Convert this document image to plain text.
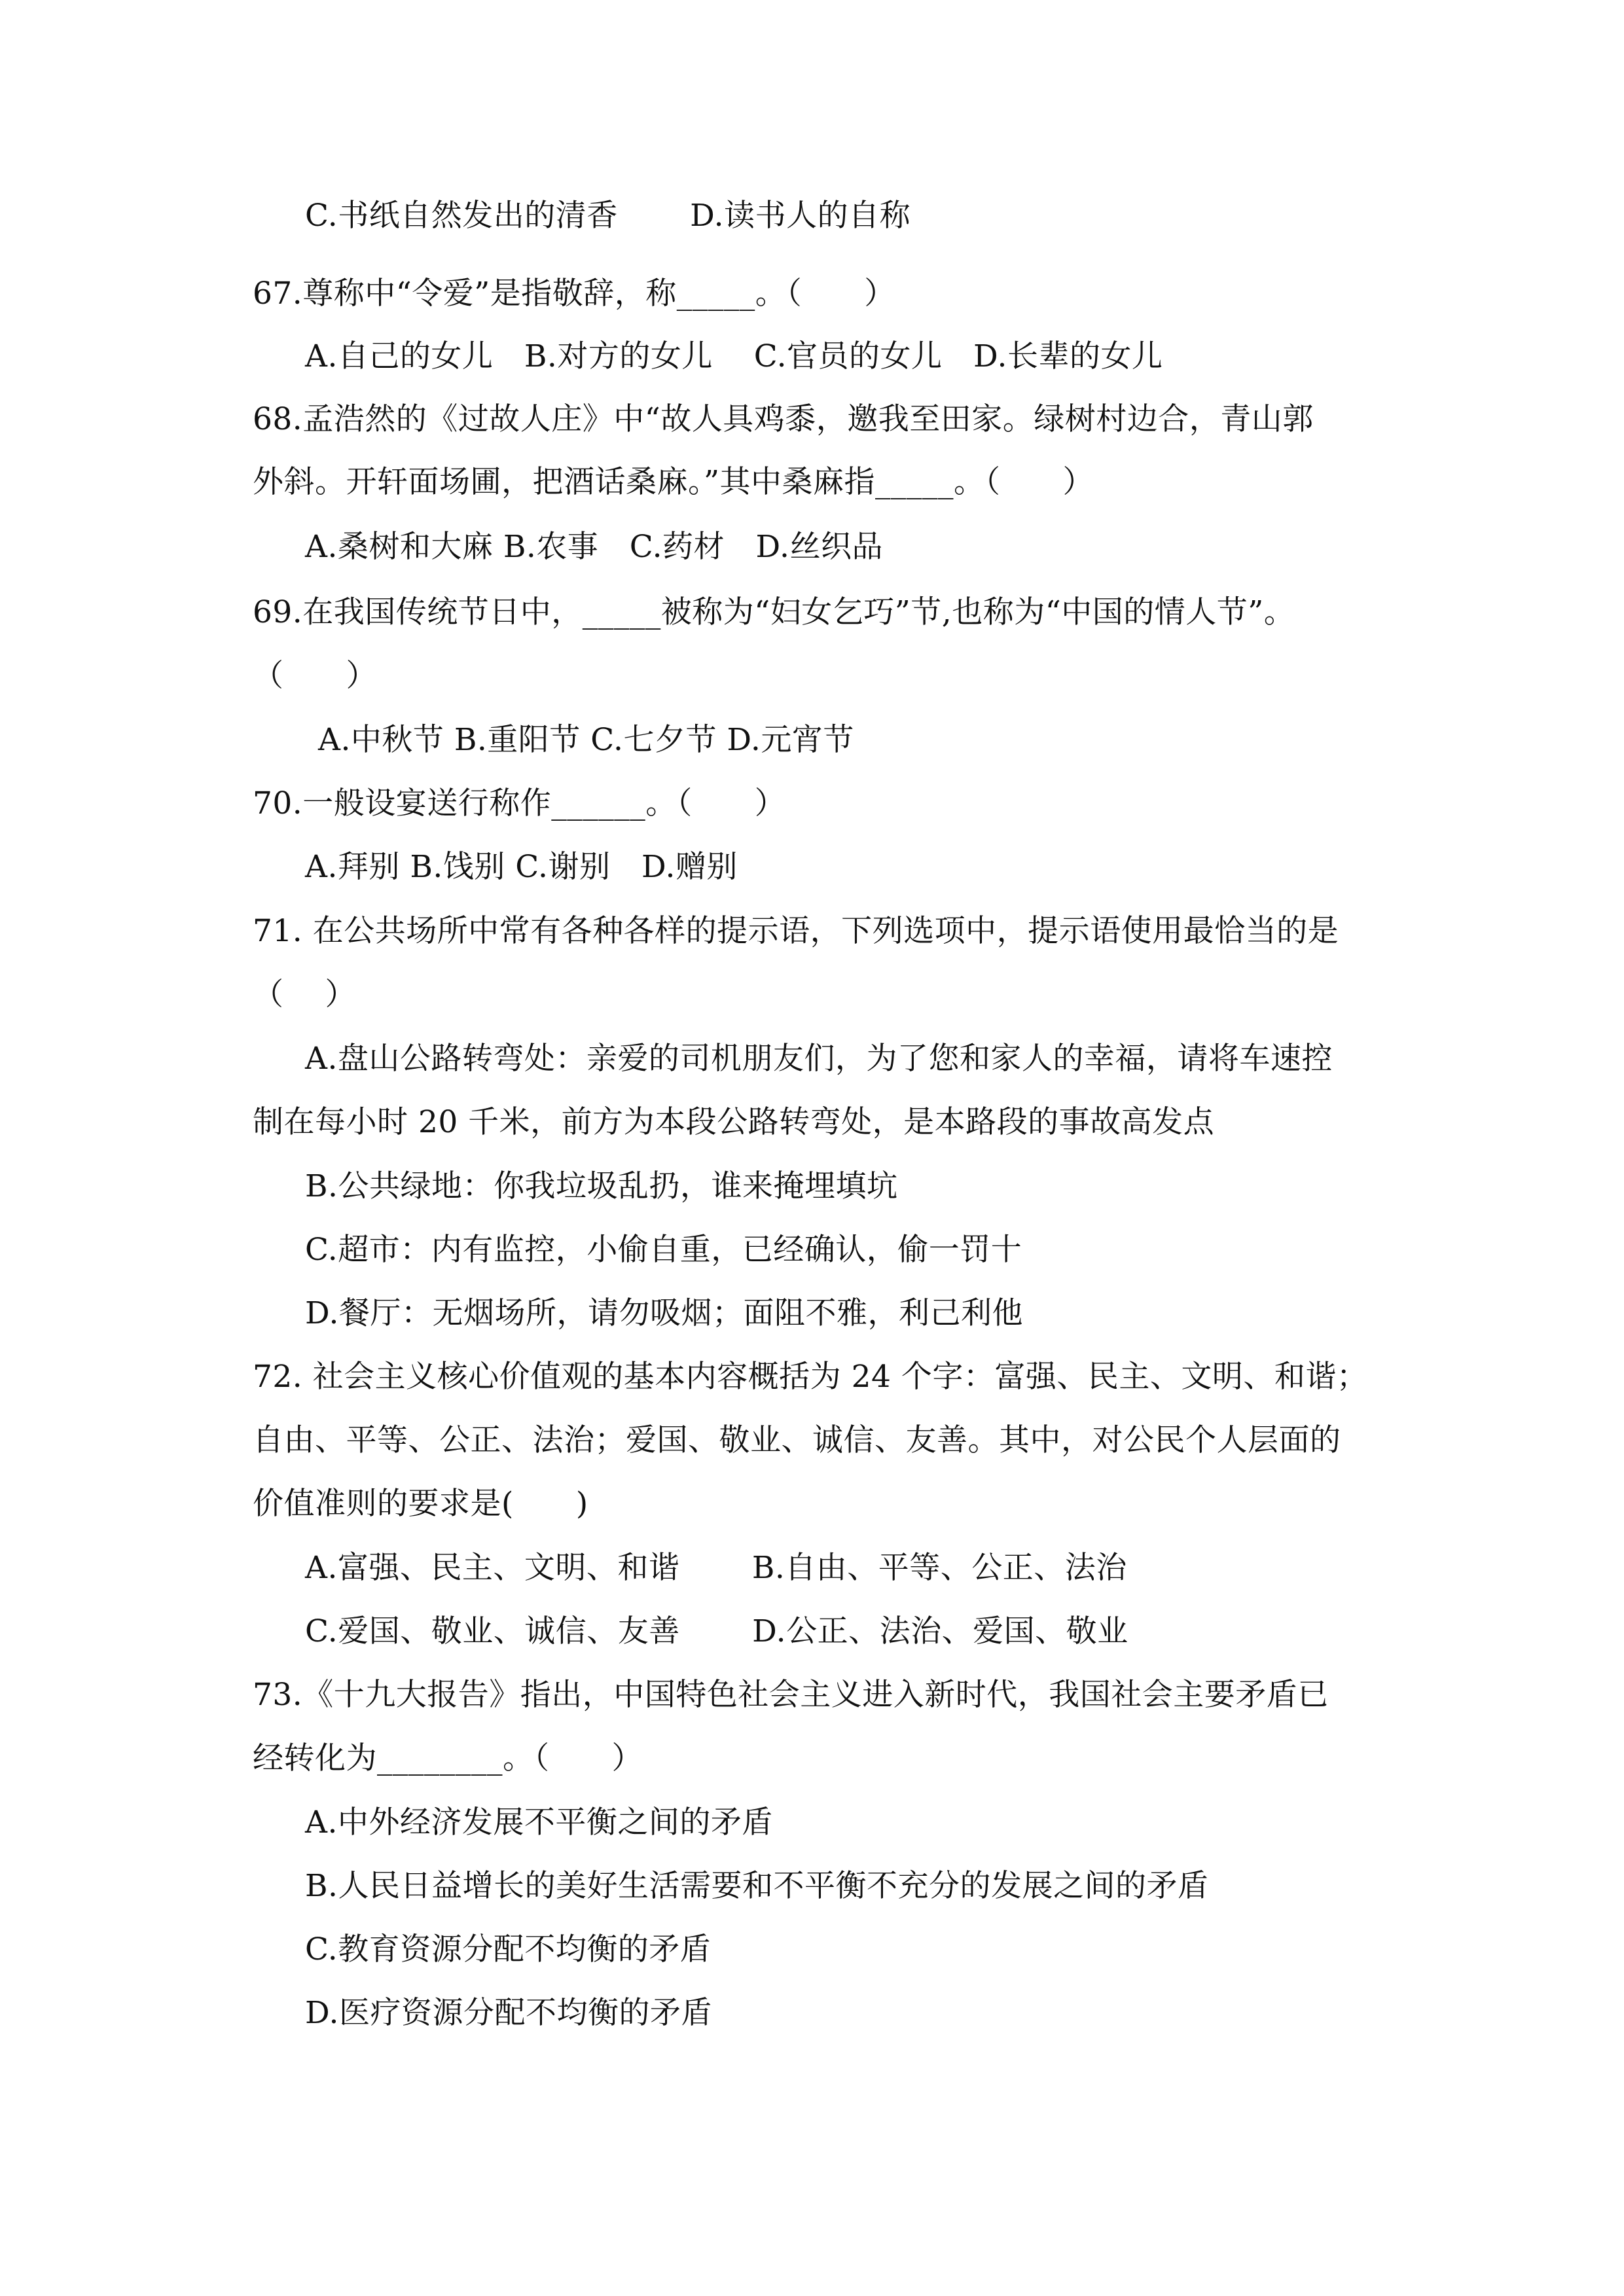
C.书纸自然发出的清香　　 D.读书人的自称
67.尊称中“令爱”是指敬辞，称_____。（　　）
A.自己的女儿　B.对方的女儿　 C.官员的女儿　D.长辈的女儿
68.孟浩然的《过故人庄》中“故人具鸡黍，邀我至田家。绿树村边合，青山郭
外斜。开轩面场圃，把酒话桑麻。”其中桑麻指_____。（　　）
A.桑树和大麻 B.农事　C.药材　D.丝织品
69.在我国传统节日中，_____被称为“妇女乞巧”节,也称为“中国的情人节”。
（　　）
A.中秋节 B.重阳节 C.七夕节 D.元宵节
70.一般设宴送行称作______。（　　）
A.拜别 B.饯别 C.谢别　D.赠别
71. 在公共场所中常有各种各样的提示语，下列选项中，提示语使用最恰当的是
（　 ）
A.盘山公路转弯处：亲爱的司机朋友们，为了您和家人的幸福，请将车速控
制在每小时 20 千米，前方为本段公路转弯处，是本路段的事故高发点
B.公共绿地：你我垃圾乱扔，谁来掩埋填坑
C.超市：内有监控，小偷自重，已经确认，偷一罚十
D.餐厅：无烟场所，请勿吸烟；面阻不雅，利己利他
72. 社会主义核心价值观的基本内容概括为 24 个字：富强、民主、文明、和谐；
自由、平等、公正、法治；爱国、敬业、诚信、友善。其中，对公民个人层面的
价值准则的要求是(　　)
A.富强、民主、文明、和谐　　 B.自由、平等、公正、法治
C.爱国、敬业、诚信、友善　　 D.公正、法治、爱国、敬业
73.《十九大报告》指出，中国特色社会主义进入新时代，我国社会主要矛盾已
经转化为________。（　　）
A.中外经济发展不平衡之间的矛盾
B.人民日益增长的美好生活需要和不平衡不充分的发展之间的矛盾
C.教育资源分配不均衡的矛盾
D.医疗资源分配不均衡的矛盾
